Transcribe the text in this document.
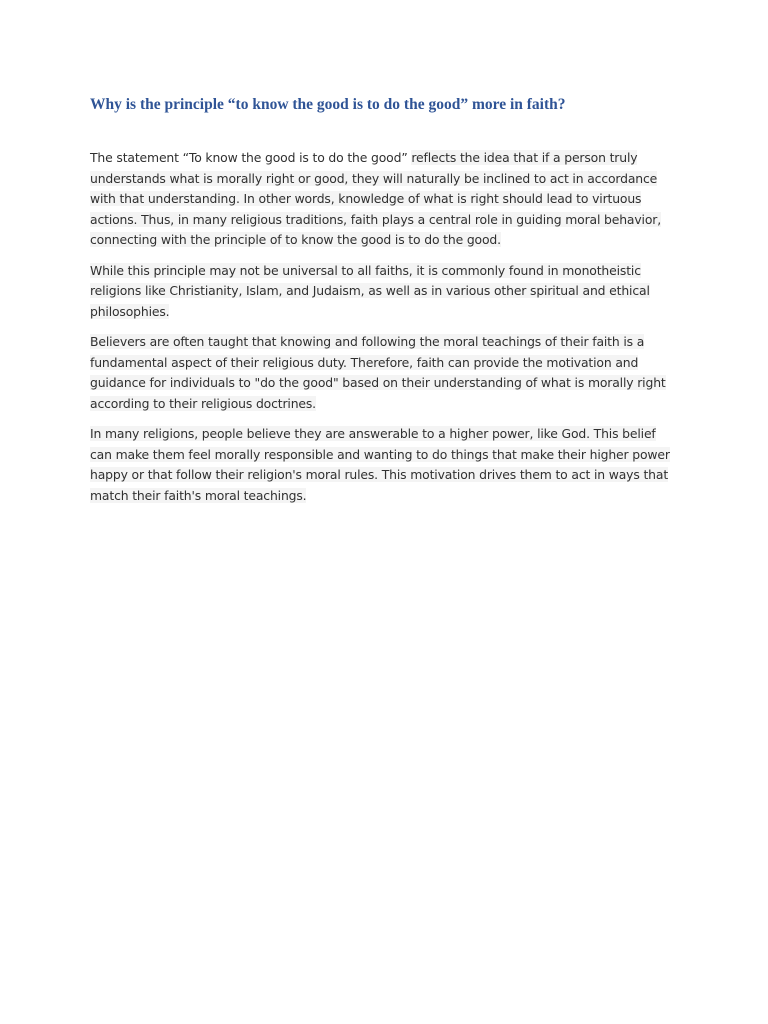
Why is the principle “to know the good is to do the good” more in faith?

The statement “To know the good is to do the good” reflects the idea that if a person truly understands what is morally right or good, they will naturally be inclined to act in accordance with that understanding. In other words, knowledge of what is right should lead to virtuous actions. Thus, in many religious traditions, faith plays a central role in guiding moral behavior, connecting with the principle of to know the good is to do the good.

While this principle may not be universal to all faiths, it is commonly found in monotheistic religions like Christianity, Islam, and Judaism, as well as in various other spiritual and ethical philosophies.

Believers are often taught that knowing and following the moral teachings of their faith is a fundamental aspect of their religious duty. Therefore, faith can provide the motivation and guidance for individuals to "do the good" based on their understanding of what is morally right according to their religious doctrines.

In many religions, people believe they are answerable to a higher power, like God. This belief can make them feel morally responsible and wanting to do things that make their higher power happy or that follow their religion's moral rules. This motivation drives them to act in ways that match their faith's moral teachings.
